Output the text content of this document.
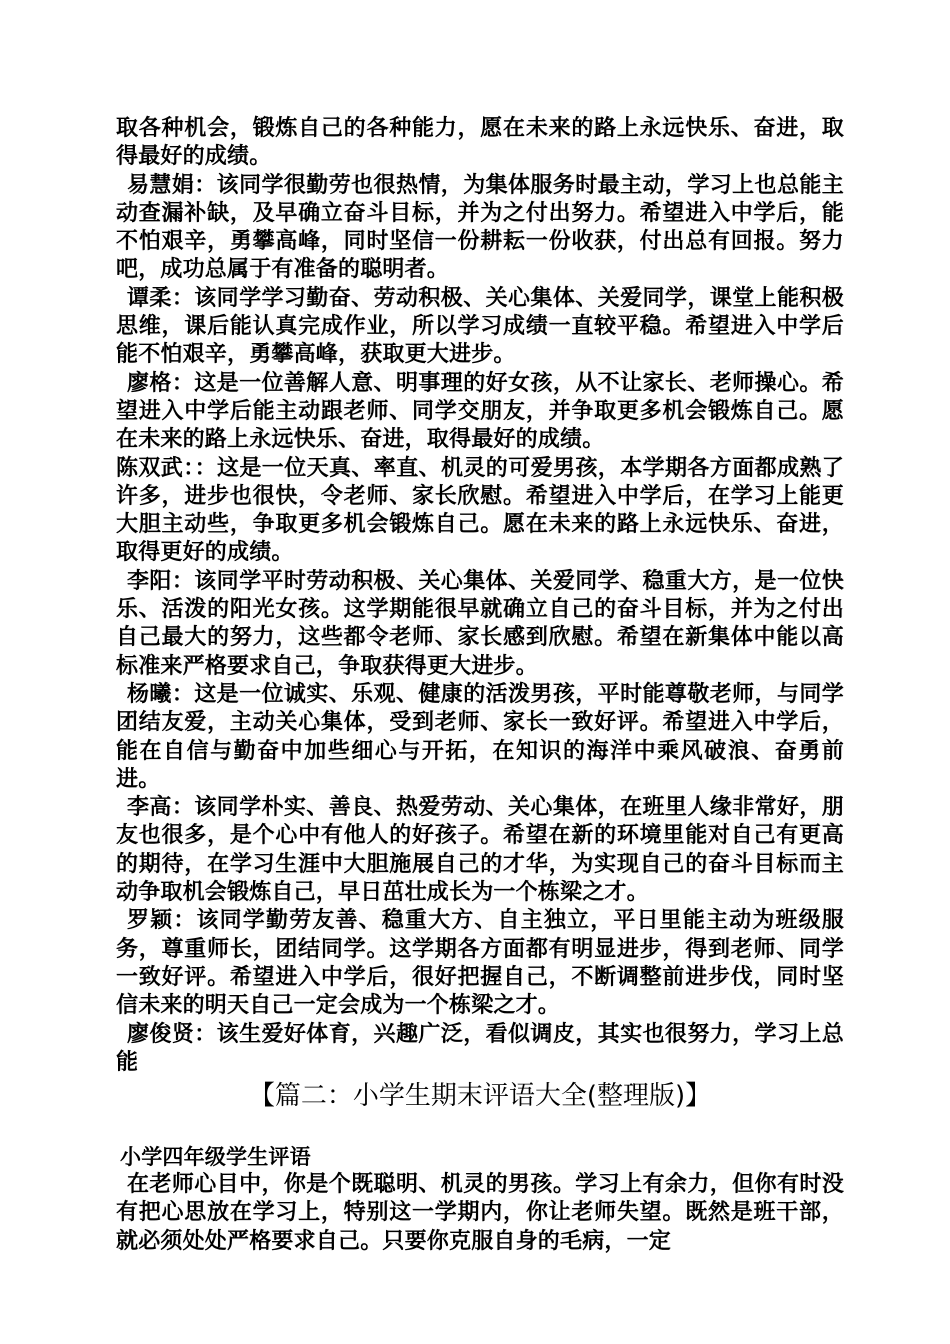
取各种机会，锻炼自己的各种能力，愿在未来的路上永远快乐、奋进，取得最好的成绩。

易慧娟：该同学很勤劳也很热情，为集体服务时最主动，学习上也总能主动查漏补缺，及早确立奋斗目标，并为之付出努力。希望进入中学后，能不怕艰辛，勇攀高峰，同时坚信一份耕耘一份收获，付出总有回报。努力吧，成功总属于有准备的聪明者。

谭柔：该同学学习勤奋、劳动积极、关心集体、关爱同学，课堂上能积极思维，课后能认真完成作业，所以学习成绩一直较平稳。希望进入中学后能不怕艰辛，勇攀高峰，获取更大进步。

廖格：这是一位善解人意、明事理的好女孩，从不让家长、老师操心。希望进入中学后能主动跟老师、同学交朋友，并争取更多机会锻炼自己。愿在未来的路上永远快乐、奋进，取得最好的成绩。

陈双武：：这是一位天真、率直、机灵的可爱男孩，本学期各方面都成熟了许多，进步也很快，令老师、家长欣慰。希望进入中学后，在学习上能更大胆主动些，争取更多机会锻炼自己。愿在未来的路上永远快乐、奋进，取得更好的成绩。

李阳：该同学平时劳动积极、关心集体、关爱同学、稳重大方，是一位快乐、活泼的阳光女孩。这学期能很早就确立自己的奋斗目标，并为之付出自己最大的努力，这些都令老师、家长感到欣慰。希望在新集体中能以高标准来严格要求自己，争取获得更大进步。

杨曦：这是一位诚实、乐观、健康的活泼男孩，平时能尊敬老师，与同学团结友爱，主动关心集体，受到老师、家长一致好评。希望进入中学后，能在自信与勤奋中加些细心与开拓，在知识的海洋中乘风破浪、奋勇前进。

李高：该同学朴实、善良、热爱劳动、关心集体，在班里人缘非常好，朋友也很多，是个心中有他人的好孩子。希望在新的环境里能对自己有更高的期待，在学习生涯中大胆施展自己的才华，为实现自己的奋斗目标而主动争取机会锻炼自己，早日茁壮成长为一个栋梁之才。

罗颖：该同学勤劳友善、稳重大方、自主独立，平日里能主动为班级服务，尊重师长，团结同学。这学期各方面都有明显进步，得到老师、同学一致好评。希望进入中学后，很好把握自己，不断调整前进步伐，同时坚信未来的明天自己一定会成为一个栋梁之才。

廖俊贤：该生爱好体育，兴趣广泛，看似调皮，其实也很努力，学习上总能

【篇二：小学生期末评语大全(整理版)】

小学四年级学生评语

在老师心目中，你是个既聪明、机灵的男孩。学习上有余力，但你有时没有把心思放在学习上，特别这一学期内，你让老师失望。既然是班干部，就必须处处严格要求自己。只要你克服自身的毛病，一定
